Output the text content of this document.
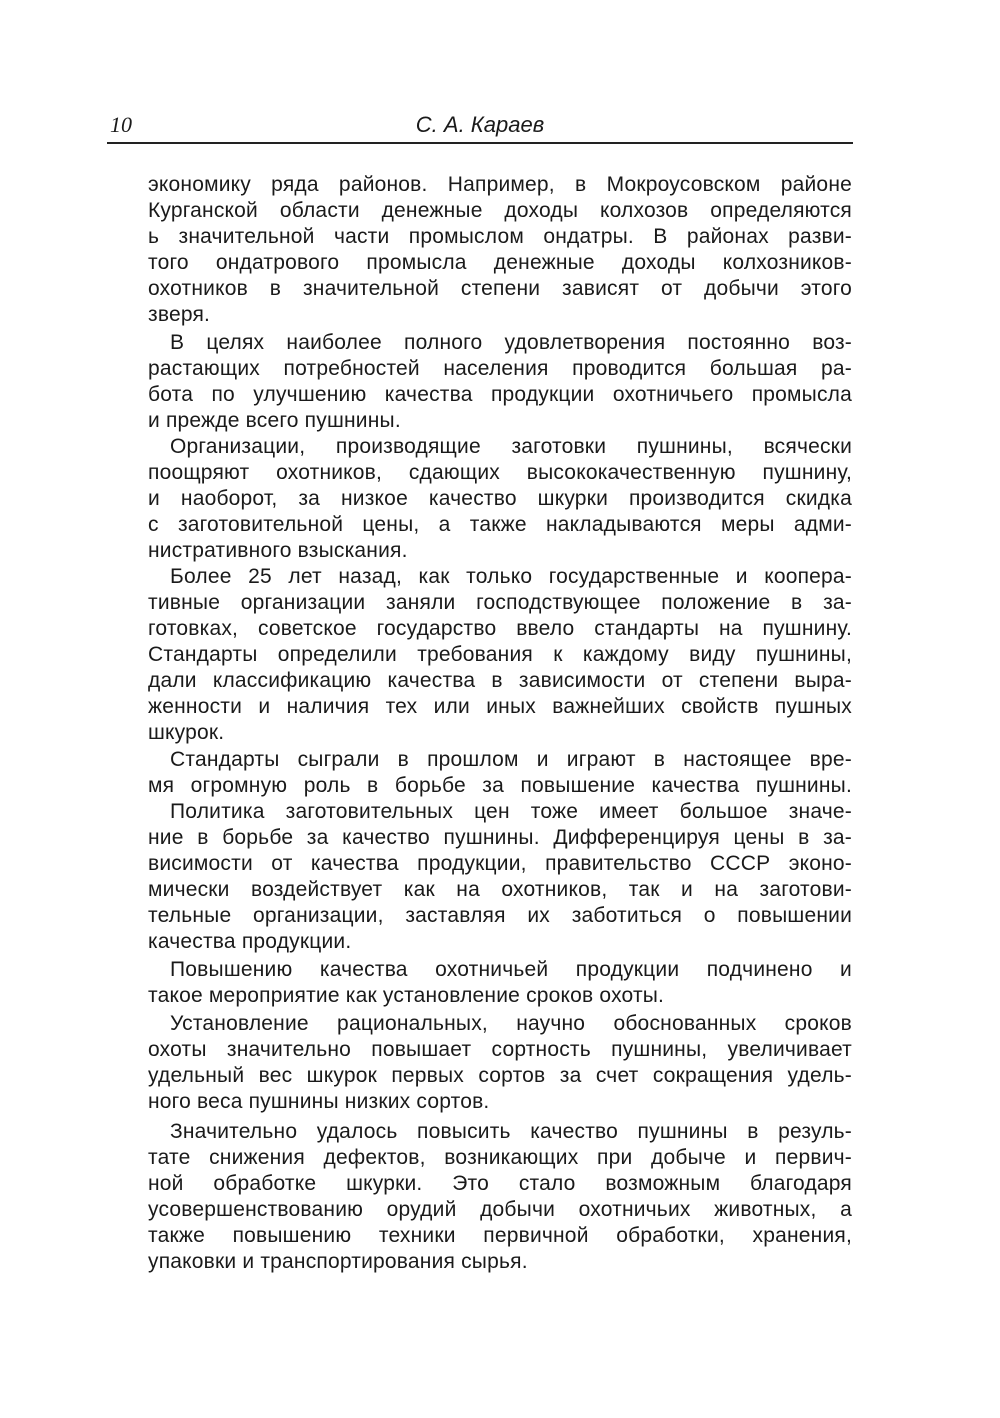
10	С. А. Караев
экономику ряда районов. Например, в Мокроусовском районе
Курганской области денежные доходы колхозов определяются
ь значительной части промыслом ондатры. В районах разви-
того ондатрового промысла денежные доходы колхозников-
охотников в значительной степени зависят от добычи этого
зверя.
В целях наиболее полного удовлетворения постоянно воз-
растающих потребностей населения проводится большая ра-
бота по улучшению качества продукции охотничьего промысла
и прежде всего пушнины.
Организации, производящие заготовки пушнины, всячески
поощряют охотников, сдающих высококачественную пушнину,
и наоборот, за низкое качество шкурки производится скидка
с заготовительной цены, а также накладываются меры адми-
нистративного взыскания.
Более 25 лет назад, как только государственные и коопера-
тивные организации заняли господствующее положение в за-
готовках, советское государство ввело стандарты на пушнину.
Стандарты определили требования к каждому виду пушнины,
дали классификацию качества в зависимости от степени выра-
женности и наличия тех или иных важнейших свойств пушных
шкурок.
Стандарты сыграли в прошлом и играют в настоящее вре-
мя огромную роль в борьбе за повышение качества пушнины.
Политика заготовительных цен тоже имеет большое значе-
ние в борьбе за качество пушнины. Дифференцируя цены в за-
висимости от качества продукции, правительство СССР эконо-
мически воздействует как на охотников, так и на заготови-
тельные организации, заставляя их заботиться о повышении
качества продукции.
Повышению качества охотничьей продукции подчинено и
такое мероприятие как установление сроков охоты.
Установление рациональных, научно обоснованных сроков
охоты значительно повышает сортность пушнины, увеличивает
удельный вес шкурок первых сортов за счет сокращения удель-
ного веса пушнины низких сортов.
Значительно удалось повысить качество пушнины в резуль-
тате снижения дефектов, возникающих при добыче и первич-
ной обработке шкурки. Это стало возможным благодаря
усовершенствованию орудий добычи охотничьих животных, а
также повышению техники первичной обработки, хранения,
упаковки и транспортирования сырья.
